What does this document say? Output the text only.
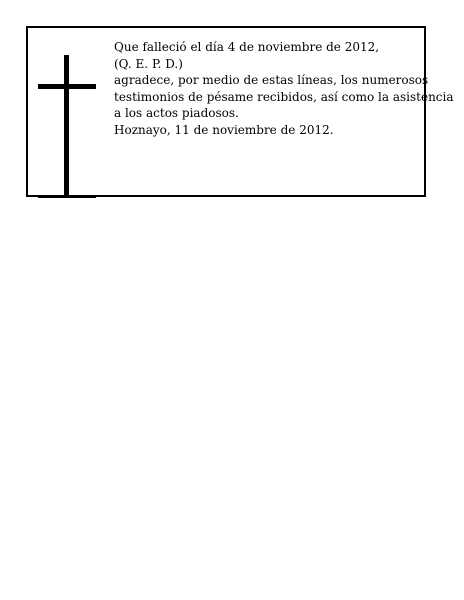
Que falleció el día 4 de noviembre de 2012,
(Q. E. P. D.)
agradece, por medio de estas líneas, los numerosos
testimonios de pésame recibidos, así como la asistencia
a los actos piadosos.
Hoznayo, 11 de noviembre de 2012.
